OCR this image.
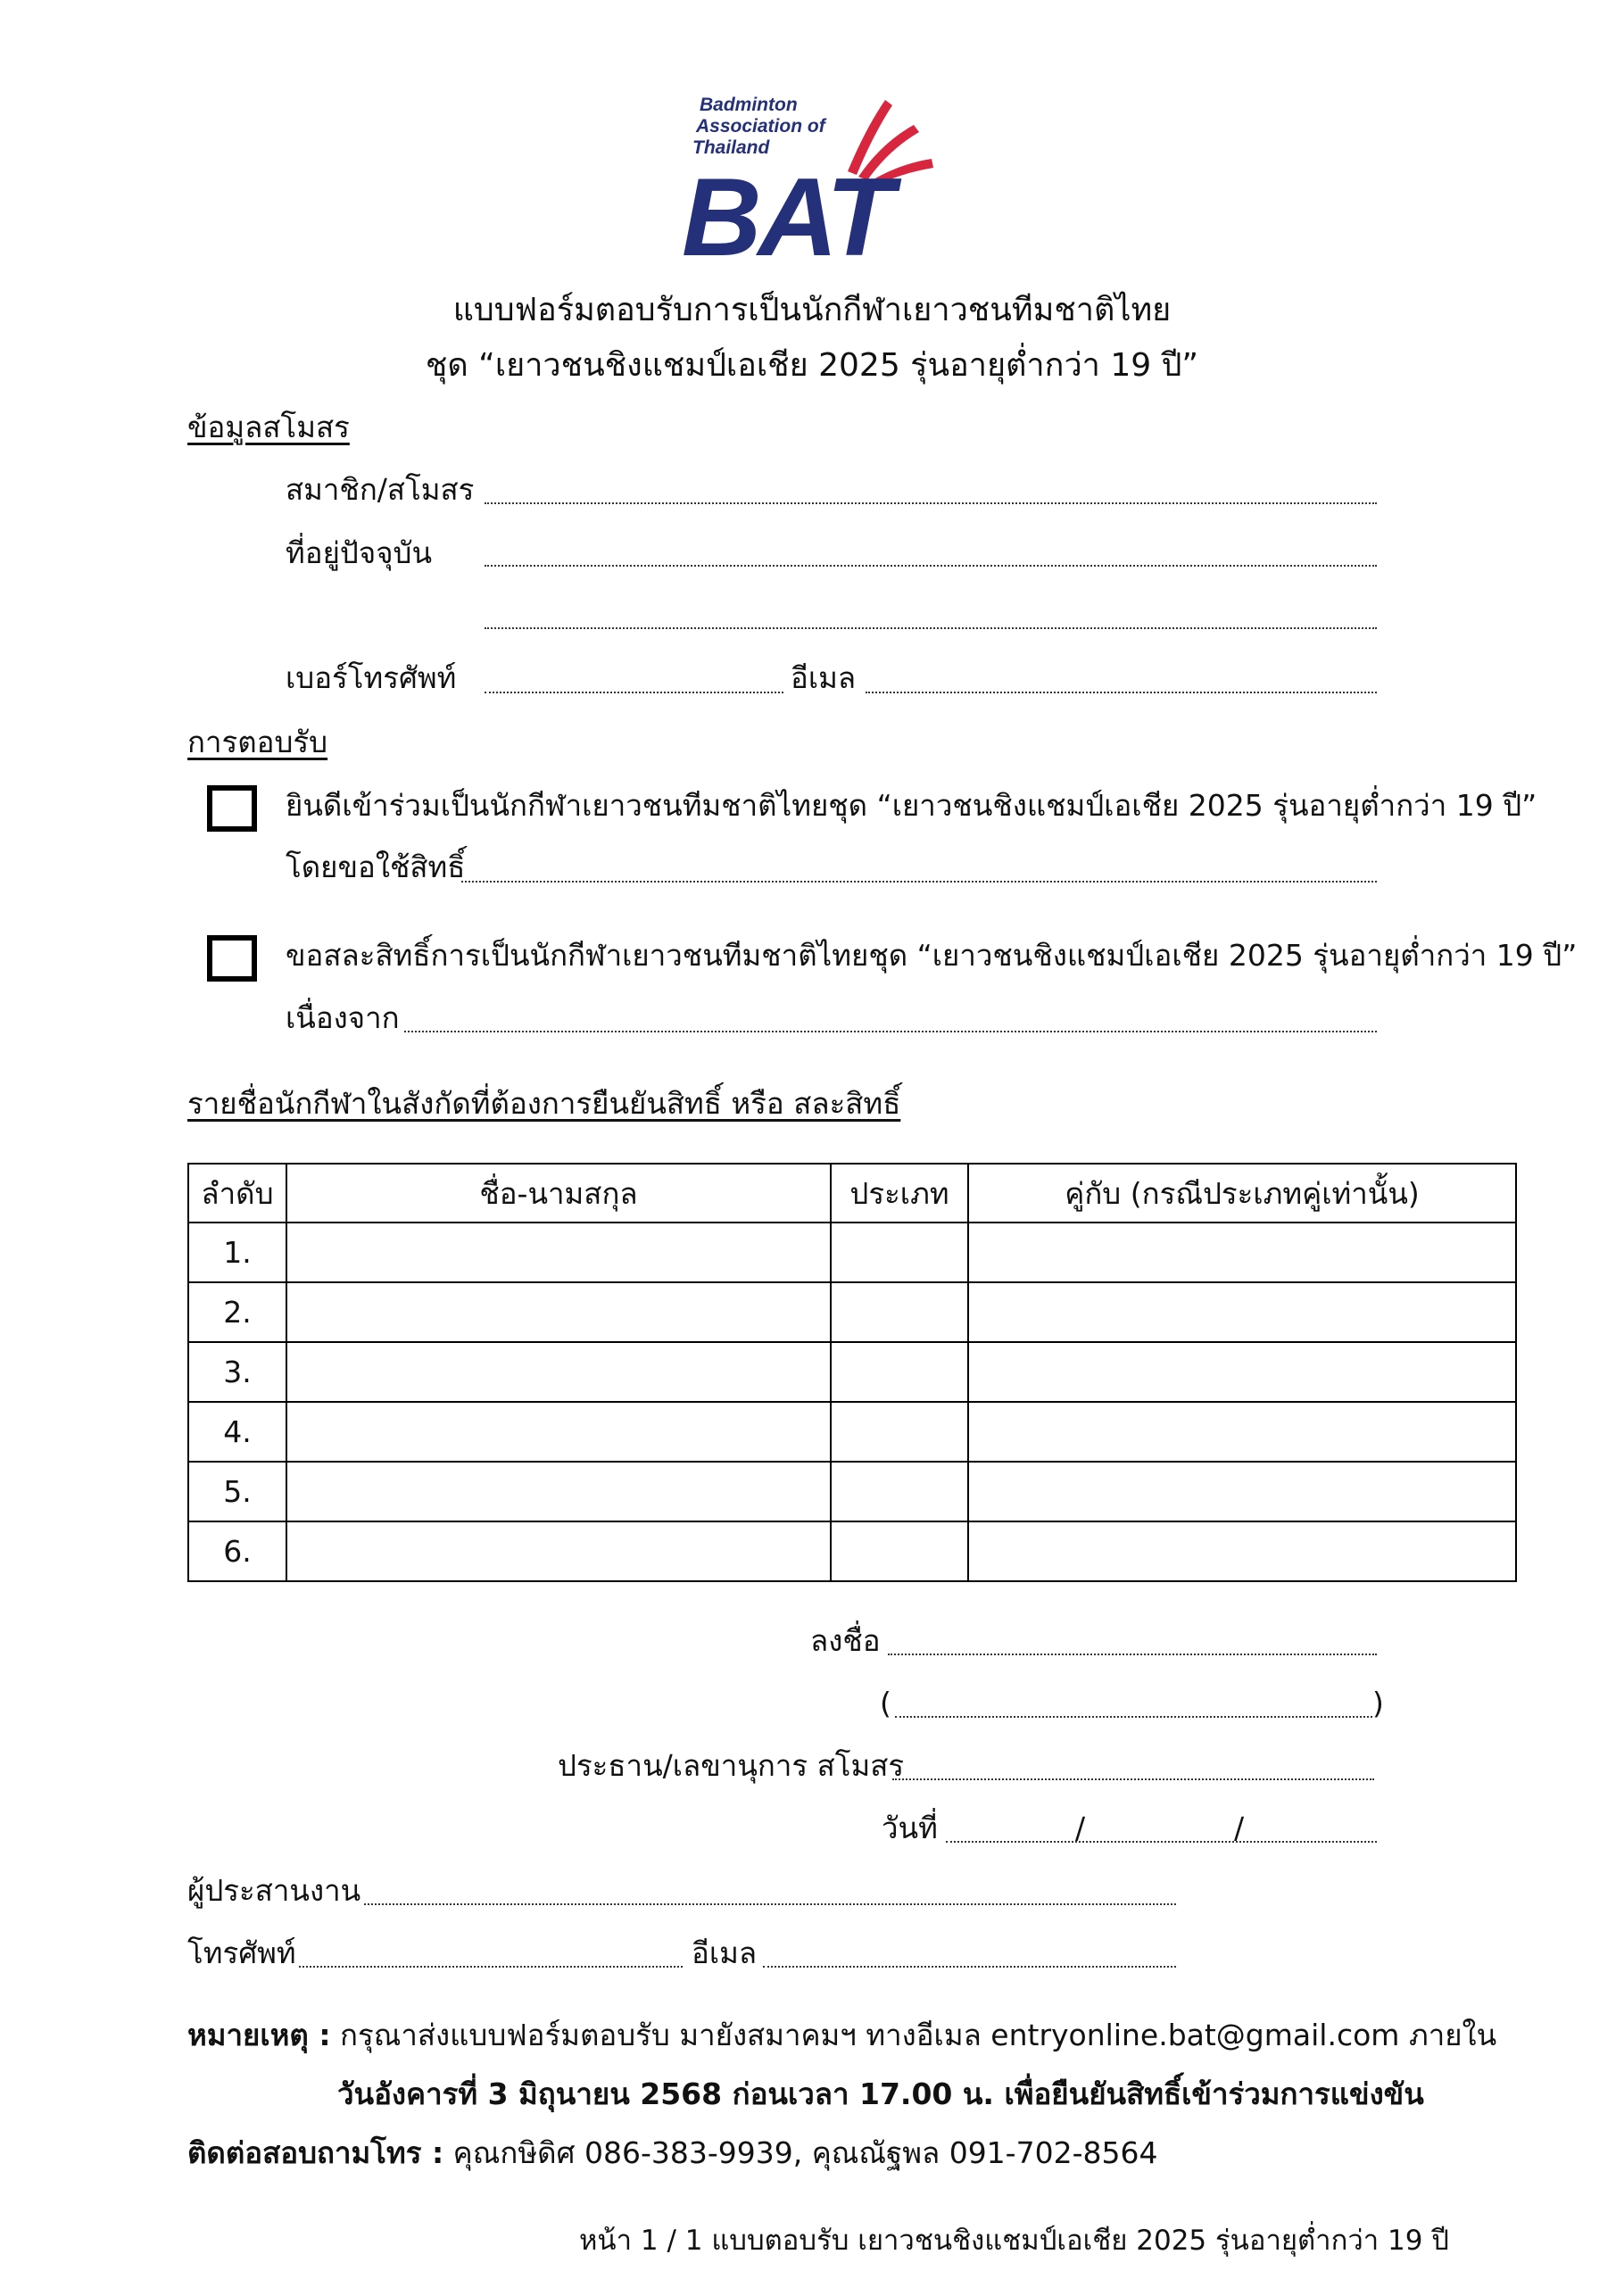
Badminton
Association of
Thailand
BAT
แบบฟอร์มตอบรับการเป็นนักกีฬาเยาวชนทีมชาติไทย
ชุด “เยาวชนชิงแชมป์เอเชีย 2025 รุ่นอายุต่ำกว่า 19 ปี”
ข้อมูลสโมสร
สมาชิก/สโมสร
ที่อยู่ปัจจุบัน
เบอร์โทรศัพท์	อีเมล
การตอบรับ
ยินดีเข้าร่วมเป็นนักกีฬาเยาวชนทีมชาติไทยชุด “เยาวชนชิงแชมป์เอเชีย 2025 รุ่นอายุต่ำกว่า 19 ปี”
โดยขอใช้สิทธิ์
ขอสละสิทธิ์การเป็นนักกีฬาเยาวชนทีมชาติไทยชุด “เยาวชนชิงแชมป์เอเชีย 2025 รุ่นอายุต่ำกว่า 19 ปี”
เนื่องจาก
รายชื่อนักกีฬาในสังกัดที่ต้องการยืนยันสิทธิ์ หรือ สละสิทธิ์
ลำดับ	ชื่อ-นามสกุล	ประเภท	คู่กับ (กรณีประเภทคู่เท่านั้น)
1.			
2.			
3.			
4.			
5.			
6.			
ลงชื่อ
(	)
ประธาน/เลขานุการ สโมสร
วันที่	/	/
ผู้ประสานงาน
โทรศัพท์	อีเมล
หมายเหตุ : กรุณาส่งแบบฟอร์มตอบรับ มายังสมาคมฯ ทางอีเมล entryonline.bat@gmail.com ภายใน
วันอังคารที่ 3 มิถุนายน 2568 ก่อนเวลา 17.00 น. เพื่อยืนยันสิทธิ์เข้าร่วมการแข่งขัน
ติดต่อสอบถามโทร : คุณกษิดิศ 086-383-9939, คุณณัฐพล 091-702-8564
หน้า 1 / 1 แบบตอบรับ เยาวชนชิงแชมป์เอเชีย 2025 รุ่นอายุต่ำกว่า 19 ปี
